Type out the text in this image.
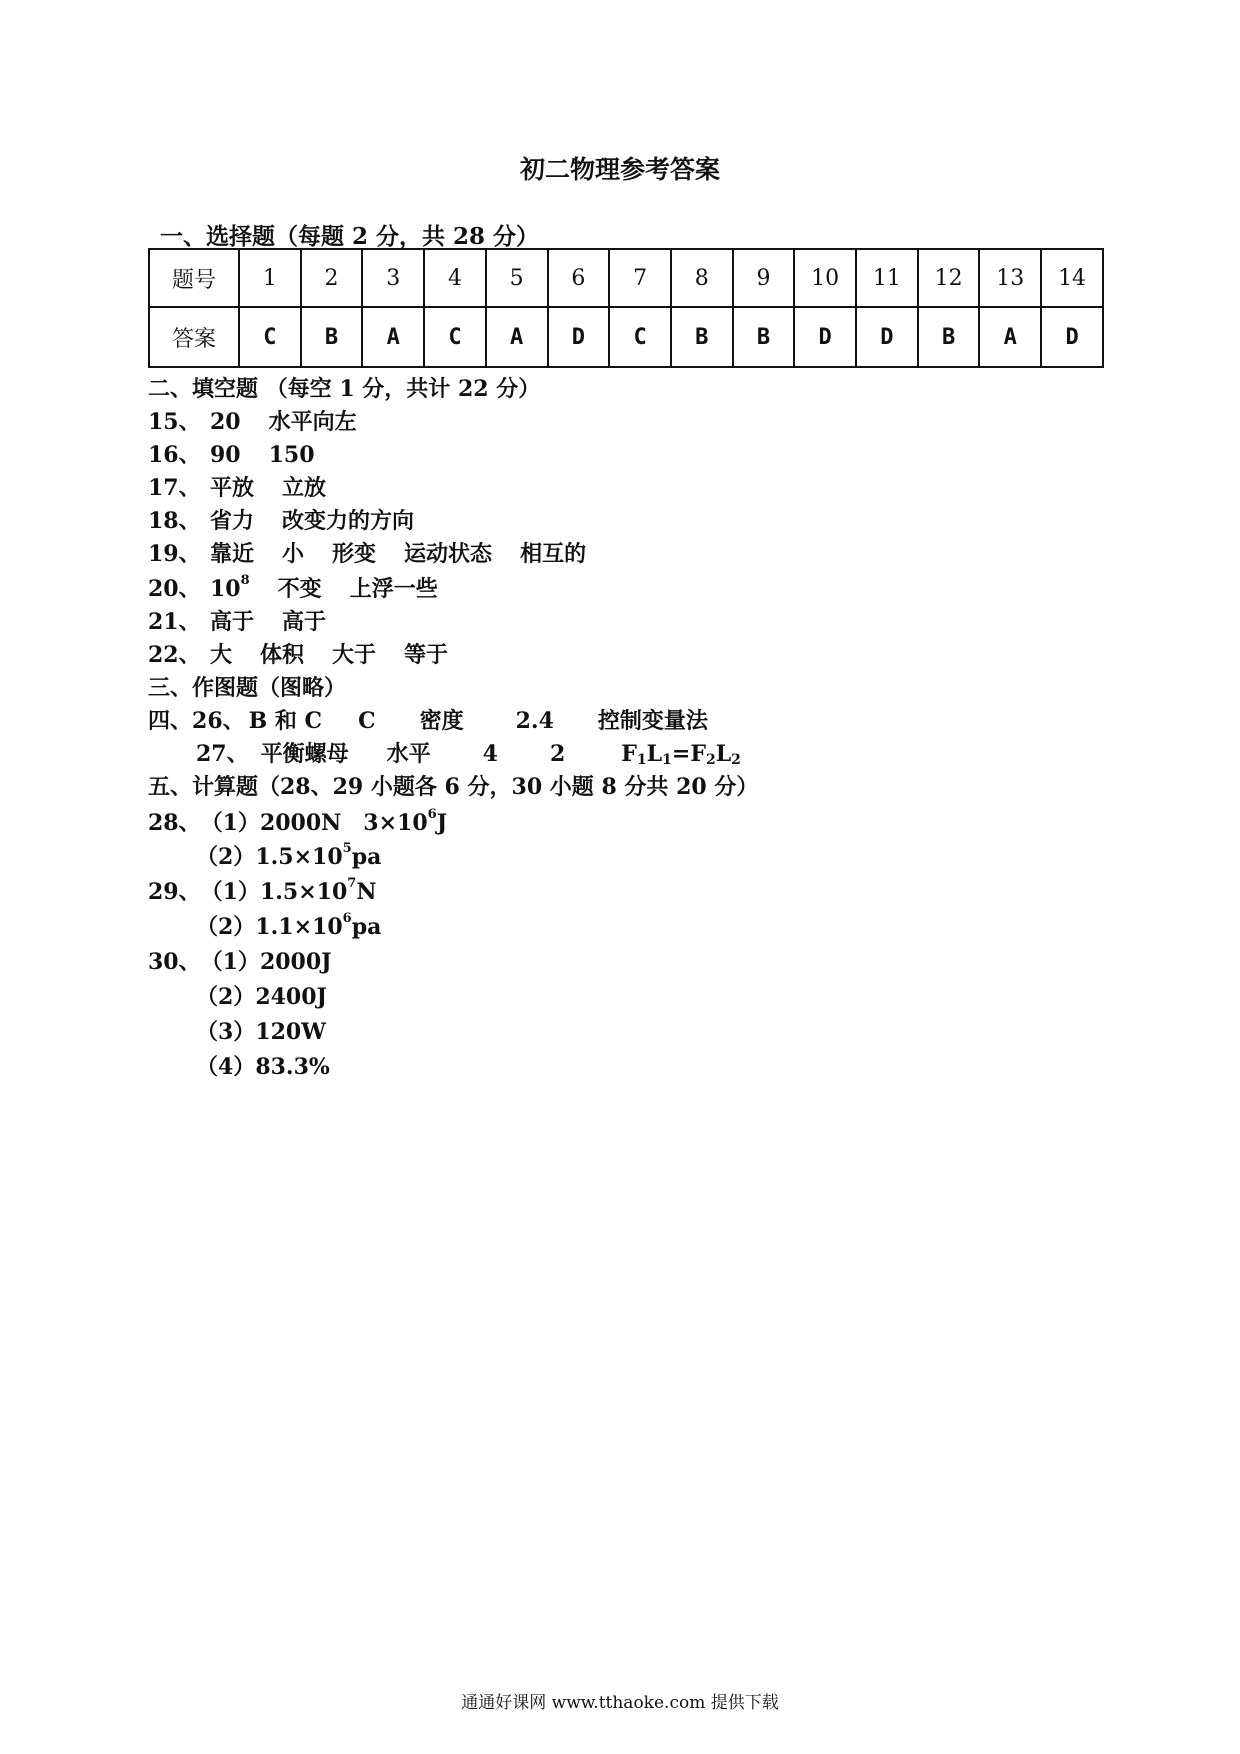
初二物理参考答案
一、选择题（每题 2 分，共 28 分）
题号	1	2	3	4	5	6	7	8	9	10	11	12	13	14
答案	C	B	A	C	A	D	C	B	B	D	D	B	A	D
二、填空题 （每空 1 分，共计 22 分）
15、 20 水平向左
16、 90 150
17、 平放 立放
18、 省力 改变力的方向
19、 靠近 小 形变 运动状态 相互的
20、 $10^8$ 不变 上浮一些
21、 高于 高于
22、 大 体积 大于 等于
三、作图题（图略）
四、26、 B 和 C C 密度 2.4 控制变量法
27、 平衡螺母 水平 4 2	$F_1L_1=F_2L_2$
五、计算题（28、29 小题各 6 分，30 小题 8 分共 20 分）
28、（1）2000N $3\times 10^6J$
$(2)1.5\times 10^5pa$
29、$(1)1.5\times 10^7N$
$(2)1.1\times 10^6pa$
30、（1）2000J
（2）2400J
（3）120W
（4）83.3%
通通好课网 www.tthaoke.com 提供下载
